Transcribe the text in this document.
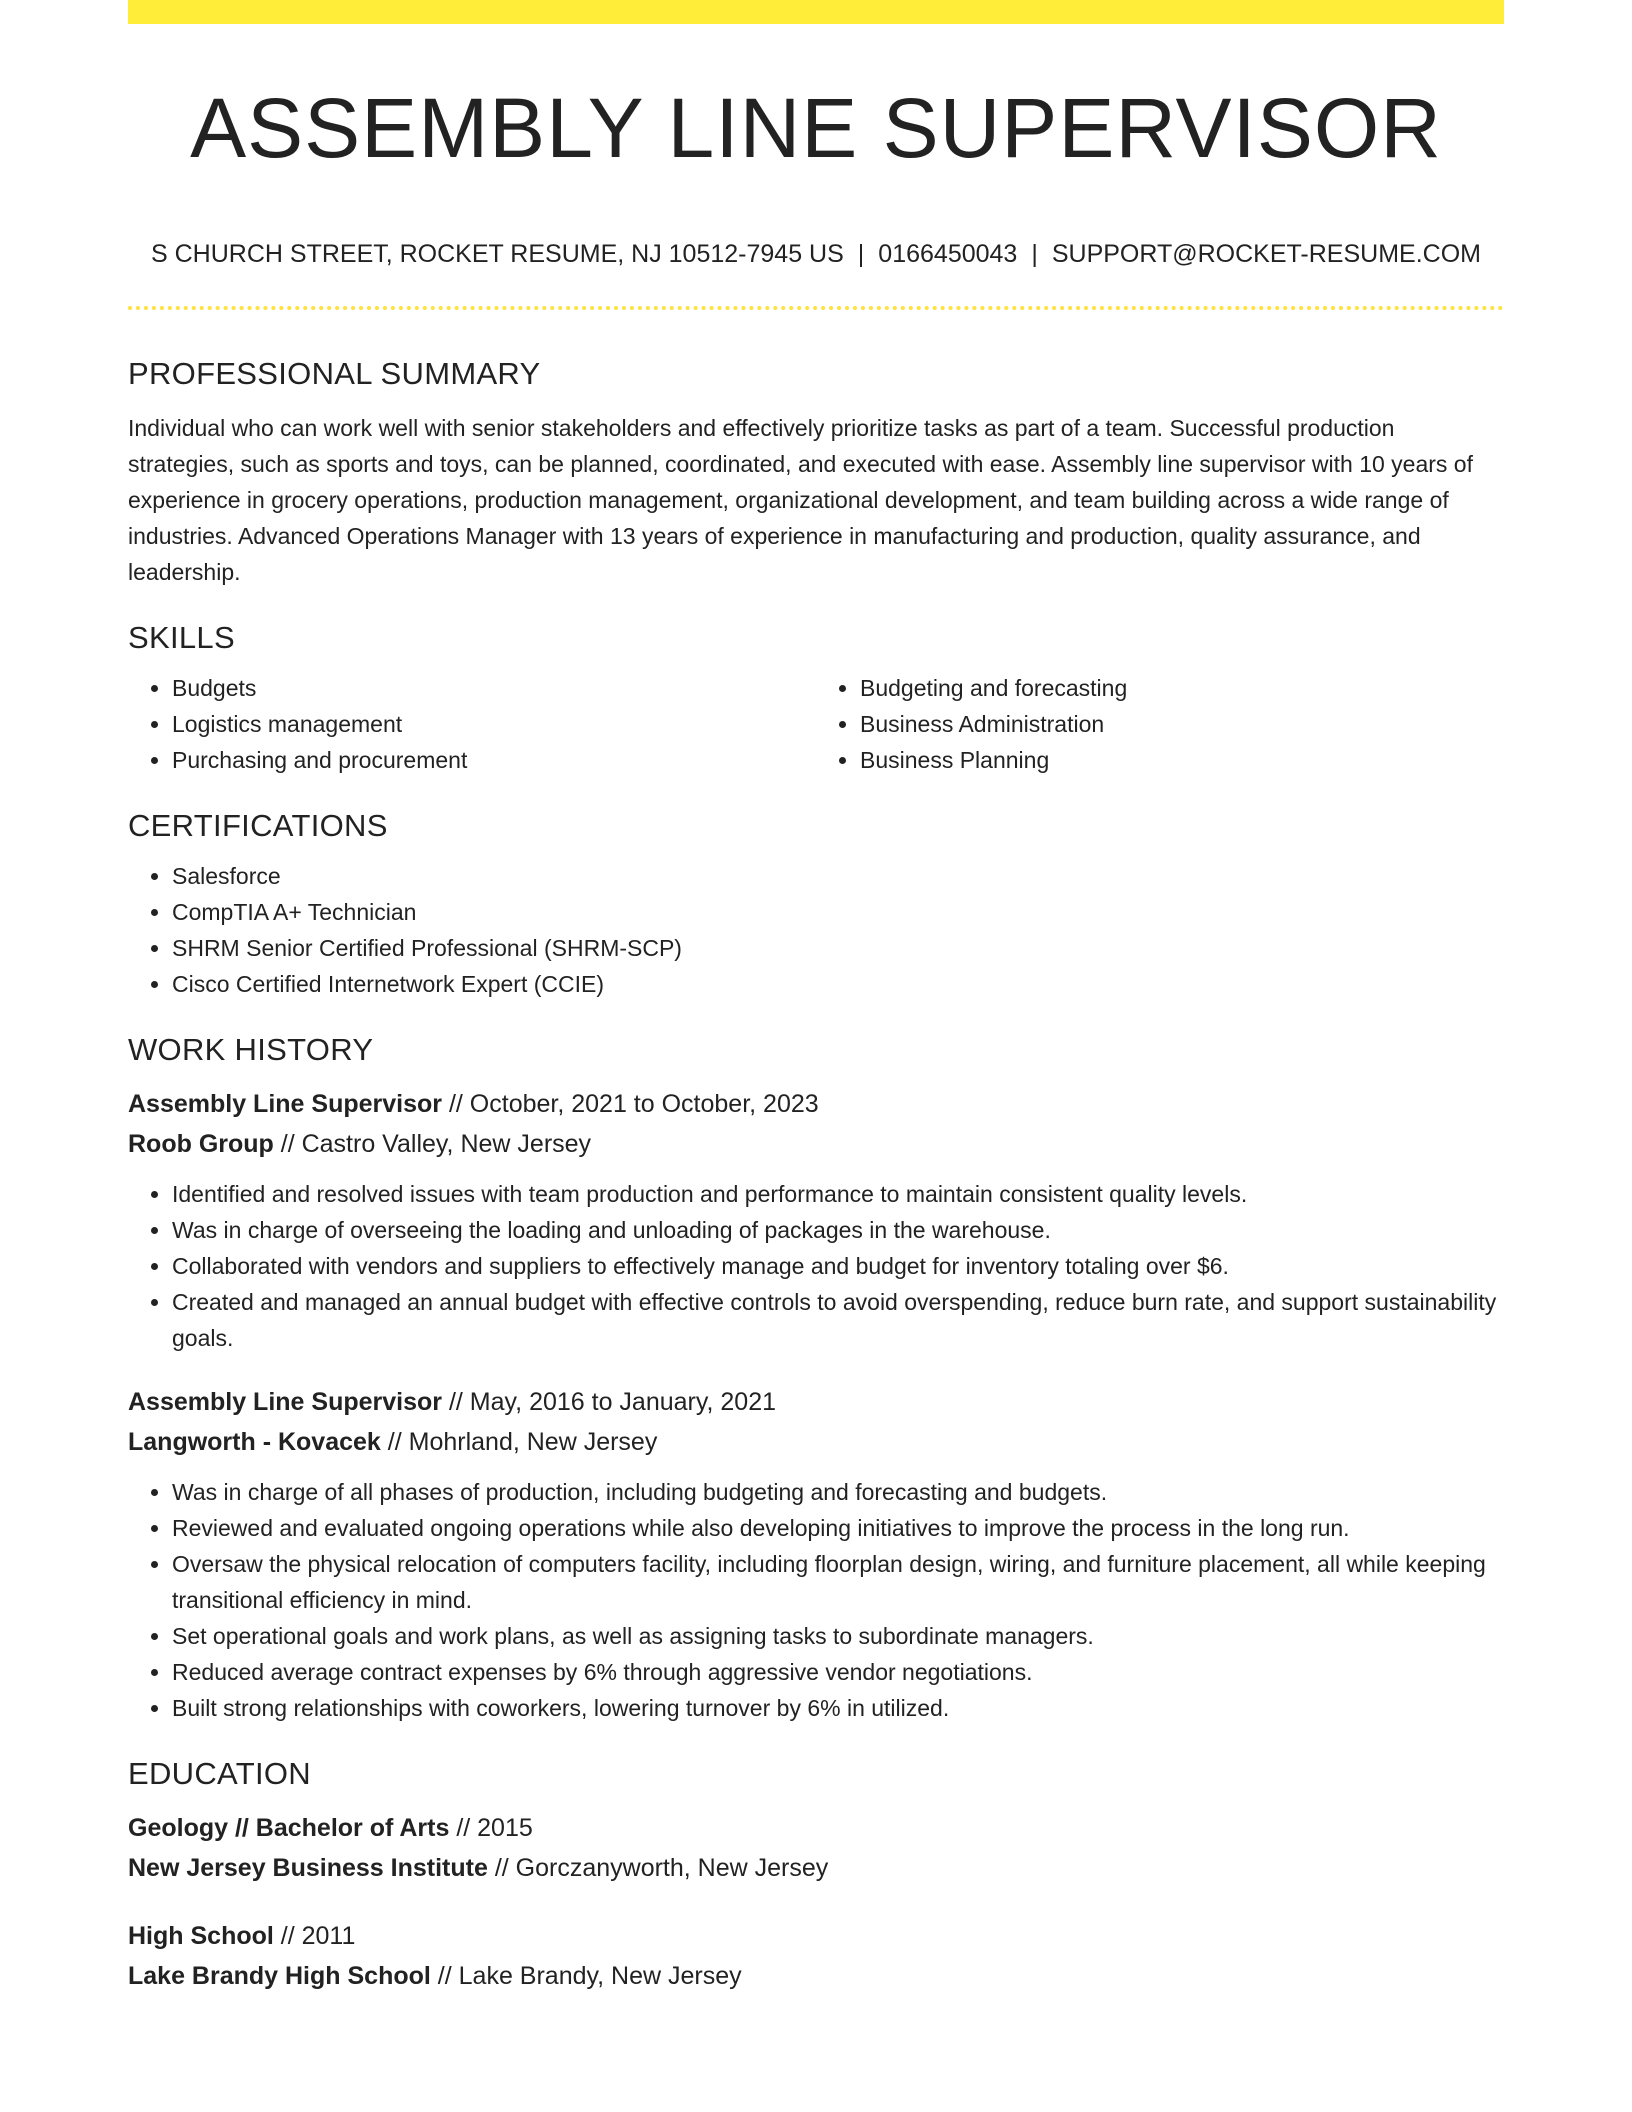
ASSEMBLY LINE SUPERVISOR
S CHURCH STREET, ROCKET RESUME, NJ 10512-7945 US | 0166450043 | SUPPORT@ROCKET-RESUME.COM
PROFESSIONAL SUMMARY

Individual who can work well with senior stakeholders and effectively prioritize tasks as part of a team. Successful production strategies, such as sports and toys, can be planned, coordinated, and executed with ease. Assembly line supervisor with 10 years of experience in grocery operations, production management, organizational development, and team building across a wide range of industries. Advanced Operations Manager with 13 years of experience in manufacturing and production, quality assurance, and leadership.

SKILLS
• Budgets
• Logistics management
• Purchasing and procurement
• Budgeting and forecasting
• Business Administration
• Business Planning
CERTIFICATIONS
• Salesforce
• CompTIA A+ Technician
• SHRM Senior Certified Professional (SHRM-SCP)
• Cisco Certified Internetwork Expert (CCIE)
WORK HISTORY
Assembly Line Supervisor // October, 2021 to October, 2023
Roob Group // Castro Valley, New Jersey
• Identified and resolved issues with team production and performance to maintain consistent quality levels.
• Was in charge of overseeing the loading and unloading of packages in the warehouse.
• Collaborated with vendors and suppliers to effectively manage and budget for inventory totaling over $6.
• Created and managed an annual budget with effective controls to avoid overspending, reduce burn rate, and support sustainability goals.
Assembly Line Supervisor // May, 2016 to January, 2021
Langworth - Kovacek // Mohrland, New Jersey
• Was in charge of all phases of production, including budgeting and forecasting and budgets.
• Reviewed and evaluated ongoing operations while also developing initiatives to improve the process in the long run.
• Oversaw the physical relocation of computers facility, including floorplan design, wiring, and furniture placement, all while keeping transitional efficiency in mind.
• Set operational goals and work plans, as well as assigning tasks to subordinate managers.
• Reduced average contract expenses by 6% through aggressive vendor negotiations.
• Built strong relationships with coworkers, lowering turnover by 6% in utilized.
EDUCATION
Geology // Bachelor of Arts // 2015
New Jersey Business Institute // Gorczanyworth, New Jersey
High School // 2011
Lake Brandy High School // Lake Brandy, New Jersey
